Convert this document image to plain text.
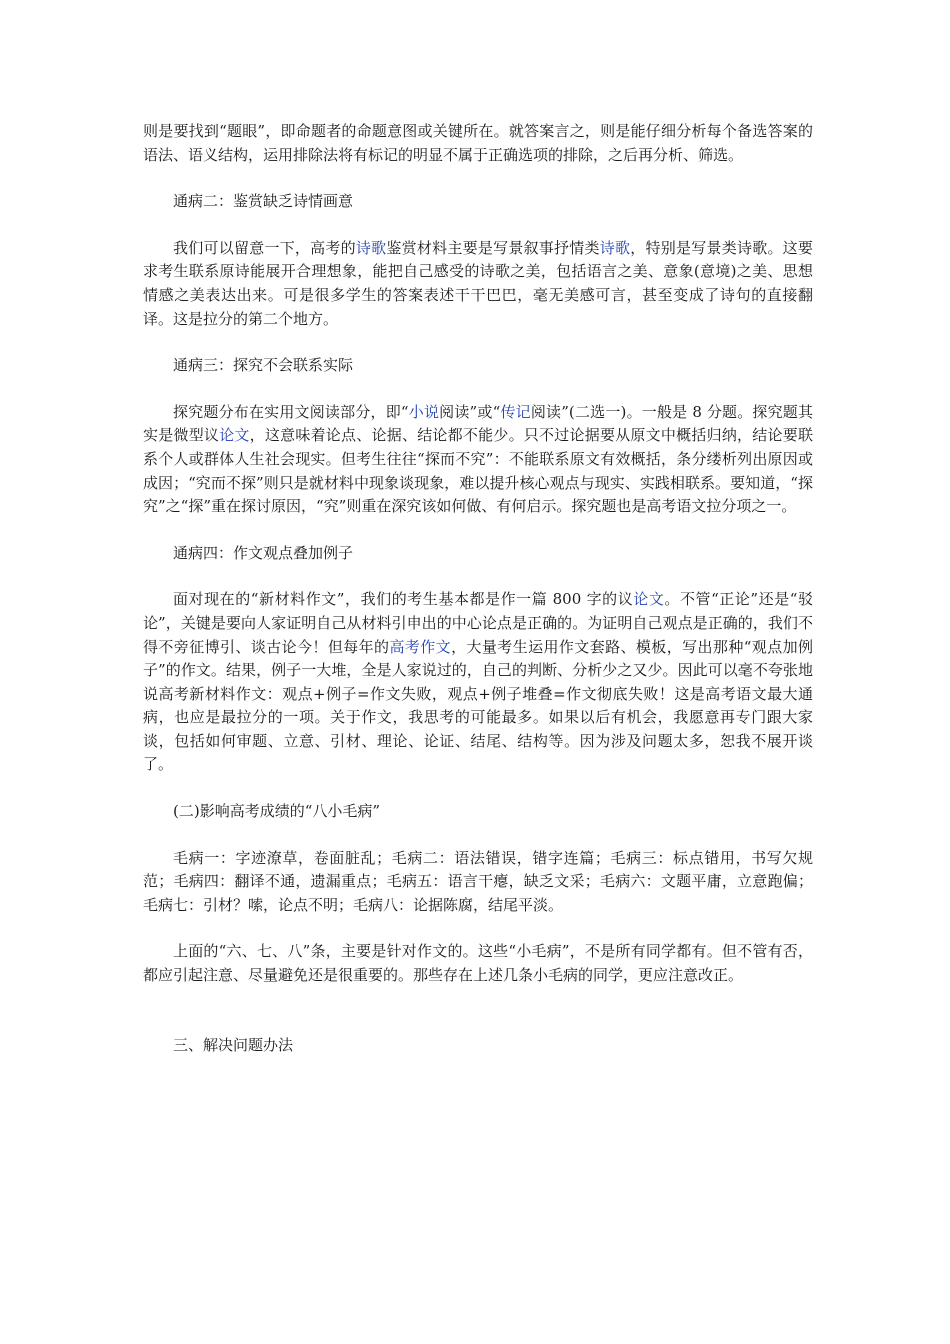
则是要找到“题眼”，即命题者的命题意图或关键所在。就答案言之，则是能仔细分析每个备选答案的语法、语义结构，运用排除法将有标记的明显不属于正确选项的排除，之后再分析、筛选。

通病二：鉴赏缺乏诗情画意

我们可以留意一下，高考的诗歌鉴赏材料主要是写景叙事抒情类诗歌，特别是写景类诗歌。这要求考生联系原诗能展开合理想象，能把自己感受的诗歌之美，包括语言之美、意象(意境)之美、思想情感之美表达出来。可是很多学生的答案表述干干巴巴，毫无美感可言，甚至变成了诗句的直接翻译。这是拉分的第二个地方。

通病三：探究不会联系实际

探究题分布在实用文阅读部分，即“小说阅读”或“传记阅读”(二选一)。一般是 8 分题。探究题其实是微型议论文，这意味着论点、论据、结论都不能少。只不过论据要从原文中概括归纳，结论要联系个人或群体人生社会现实。但考生往往“探而不究”：不能联系原文有效概括，条分缕析列出原因或成因；“究而不探”则只是就材料中现象谈现象，难以提升核心观点与现实、实践相联系。要知道，“探究”之“探”重在探讨原因，“究”则重在深究该如何做、有何启示。探究题也是高考语文拉分项之一。

通病四：作文观点叠加例子

面对现在的“新材料作文”，我们的考生基本都是作一篇 800 字的议论文。不管“正论”还是“驳论”，关键是要向人家证明自己从材料引申出的中心论点是正确的。为证明自己观点是正确的，我们不得不旁征博引、谈古论今！但每年的高考作文，大量考生运用作文套路、模板，写出那种“观点加例子”的作文。结果，例子一大堆，全是人家说过的，自己的判断、分析少之又少。因此可以毫不夸张地说高考新材料作文：观点+例子=作文失败，观点+例子堆叠=作文彻底失败！这是高考语文最大通病，也应是最拉分的一项。关于作文，我思考的可能最多。如果以后有机会，我愿意再专门跟大家谈，包括如何审题、立意、引材、理论、论证、结尾、结构等。因为涉及问题太多，恕我不展开谈了。

(二)影响高考成绩的“八小毛病”

毛病一：字迹潦草，卷面脏乱；毛病二：语法错误，错字连篇；毛病三：标点错用，书写欠规范；毛病四：翻译不通，遗漏重点；毛病五：语言干瘪，缺乏文采；毛病六：文题平庸，立意跑偏；毛病七：引材？嗦，论点不明；毛病八：论据陈腐，结尾平淡。

上面的“六、七、八”条，主要是针对作文的。这些“小毛病”，不是所有同学都有。但不管有否，都应引起注意、尽量避免还是很重要的。那些存在上述几条小毛病的同学，更应注意改正。

三、解决问题办法
